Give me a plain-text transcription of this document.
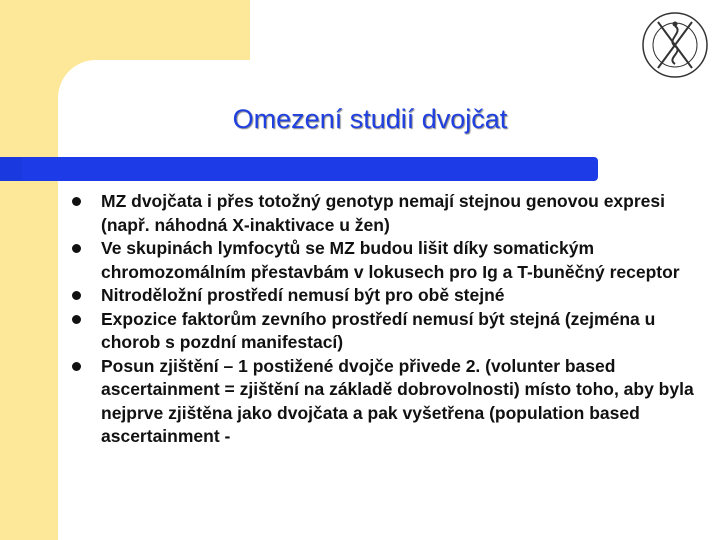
Omezení studií dvojčat
MZ dvojčata i přes totožný genotyp nemají stejnou genovou expresi (např. náhodná X-inaktivace u žen)
Ve skupinách lymfocytů se MZ budou lišit díky somatickým chromozomálním přestavbám v lokusech pro Ig a T-buněčný receptor
Nitroděložní prostředí nemusí být pro obě stejné
Expozice faktorům zevního prostředí nemusí být stejná (zejména u chorob s pozdní manifestací)
Posun zjištění – 1 postižené dvojče přivede 2. (volunter based ascertainment = zjištění na základě dobrovolnosti) místo toho, aby byla nejprve zjištěna jako dvojčata a pak vyšetřena (population based ascertainment -
